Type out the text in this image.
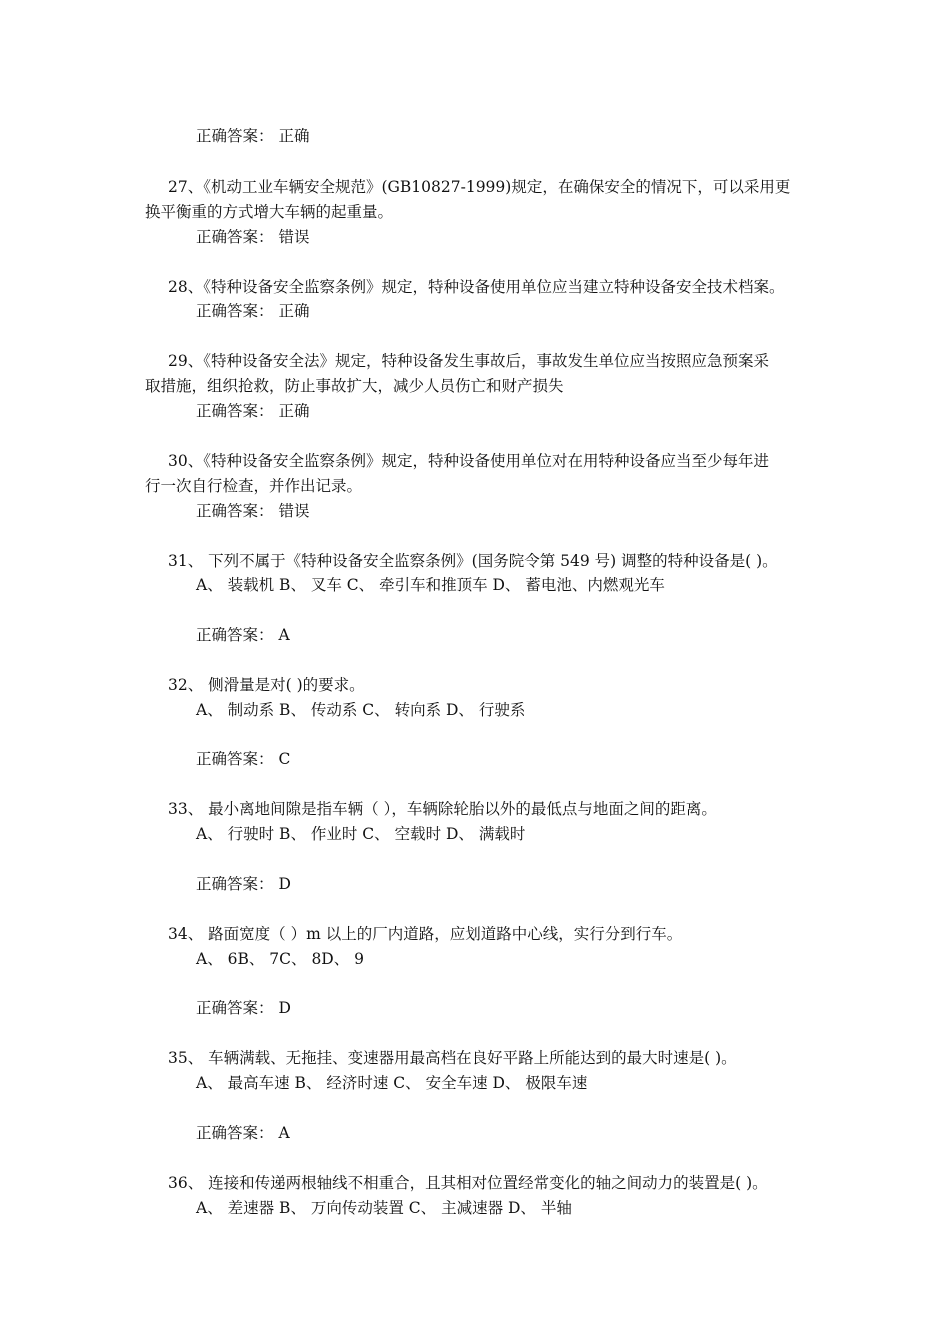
正确答案： 正确
27、《机动工业车辆安全规范》(GB10827-1999)规定，在确保安全的情况下，可以采用更
换平衡重的方式增大车辆的起重量。
正确答案： 错误
28、《特种设备安全监察条例》规定，特种设备使用单位应当建立特种设备安全技术档案。
正确答案： 正确
29、《特种设备安全法》规定，特种设备发生事故后，事故发生单位应当按照应急预案采
取措施，组织抢救，防止事故扩大，减少人员伤亡和财产损失
正确答案： 正确
30、《特种设备安全监察条例》规定，特种设备使用单位对在用特种设备应当至少每年进
行一次自行检查，并作出记录。
正确答案： 错误
31、 下列不属于《特种设备安全监察条例》(国务院令第 549 号) 调整的特种设备是( )。
A、 装载机 B、 叉车 C、 牵引车和推顶车 D、 蓄电池、内燃观光车
正确答案： A
32、 侧滑量是对( )的要求。
A、 制动系 B、 传动系 C、 转向系 D、 行驶系
正确答案： C
33、 最小离地间隙是指车辆（ ），车辆除轮胎以外的最低点与地面之间的距离。
A、 行驶时 B、 作业时 C、 空载时 D、 满载时
正确答案： D
34、 路面宽度（ ）m 以上的厂内道路，应划道路中心线，实行分到行车。
A、 6B、 7C、 8D、 9
正确答案： D
35、 车辆满载、无拖挂、变速器用最高档在良好平路上所能达到的最大时速是( )。
A、 最高车速 B、 经济时速 C、 安全车速 D、 极限车速
正确答案： A
36、 连接和传递两根轴线不相重合，且其相对位置经常变化的轴之间动力的装置是( )。
A、 差速器 B、 万向传动装置 C、 主减速器 D、 半轴
